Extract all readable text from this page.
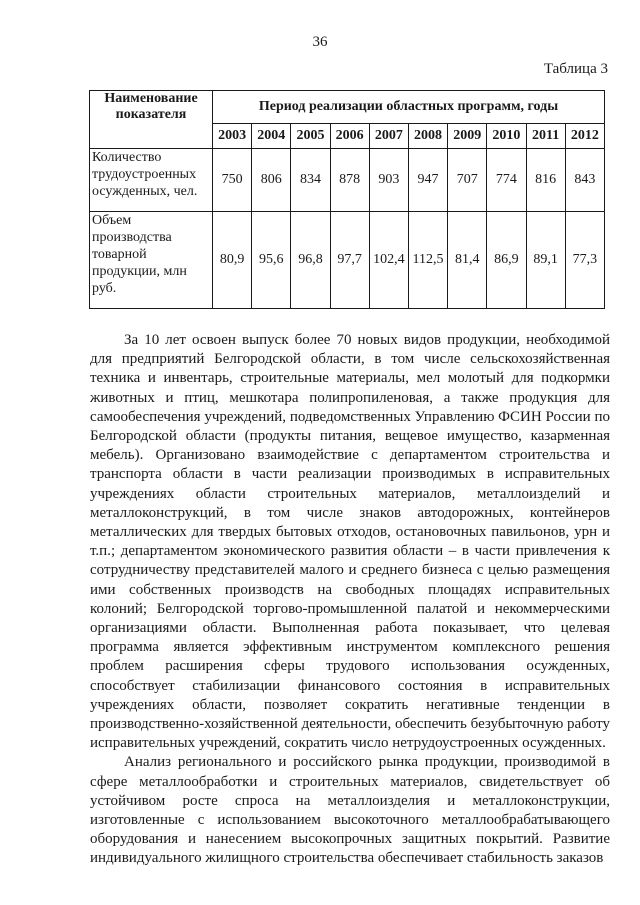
36
Таблица 3
Наименование показателя	Период реализации областных программ, годы									
	2003	2004	2005	2006	2007	2008	2009	2010	2011	2012
Количество трудоустроенных осужденных, чел.	750	806	834	878	903	947	707	774	816	843
Объем производства товарной продукции, млн руб.	80,9	95,6	96,8	97,7	102,4	112,5	81,4	86,9	89,1	77,3

За 10 лет освоен выпуск более 70 новых видов продукции, необходимой для предприятий Белгородской области, в том числе сельскохозяйственная техника и инвентарь, строительные материалы, мел молотый для подкормки животных и птиц, мешкотара полипропиленовая, а также продукция для самообеспечения учреждений, подведомственных Управлению ФСИН России по Белгородской области (продукты питания, вещевое имущество, казарменная мебель). Организовано взаимодействие с департаментом строительства и транспорта области в части реализации производимых в исправительных учреждениях области строительных материалов, металлоизделий и металлоконструкций, в том числе знаков автодорожных, контейнеров металлических для твердых бытовых отходов, остановочных павильонов, урн и т.п.; департаментом экономического развития области – в части привлечения к сотрудничеству представителей малого и среднего бизнеса с целью размещения ими собственных производств на свободных площадях исправительных колоний; Белгородской торгово-промышленной палатой и некоммерческими организациями области. Выполненная работа показывает, что целевая программа является эффективным инструментом комплексного решения проблем расширения сферы трудового использования осужденных, способствует стабилизации финансового состояния в исправительных учреждениях области, позволяет сократить негативные тенденции в производственно-хозяйственной деятельности, обеспечить безубыточную работу исправительных учреждений, сократить число нетрудоустроенных осужденных.

Анализ регионального и российского рынка продукции, производимой в сфере металлообработки и строительных материалов, свидетельствует об устойчивом росте спроса на металлоизделия и металлоконструкции, изготовленные с использованием высокоточного металлообрабатывающего оборудования и нанесением высокопрочных защитных покрытий. Развитие индивидуального жилищного строительства обеспечивает стабильность заказов
